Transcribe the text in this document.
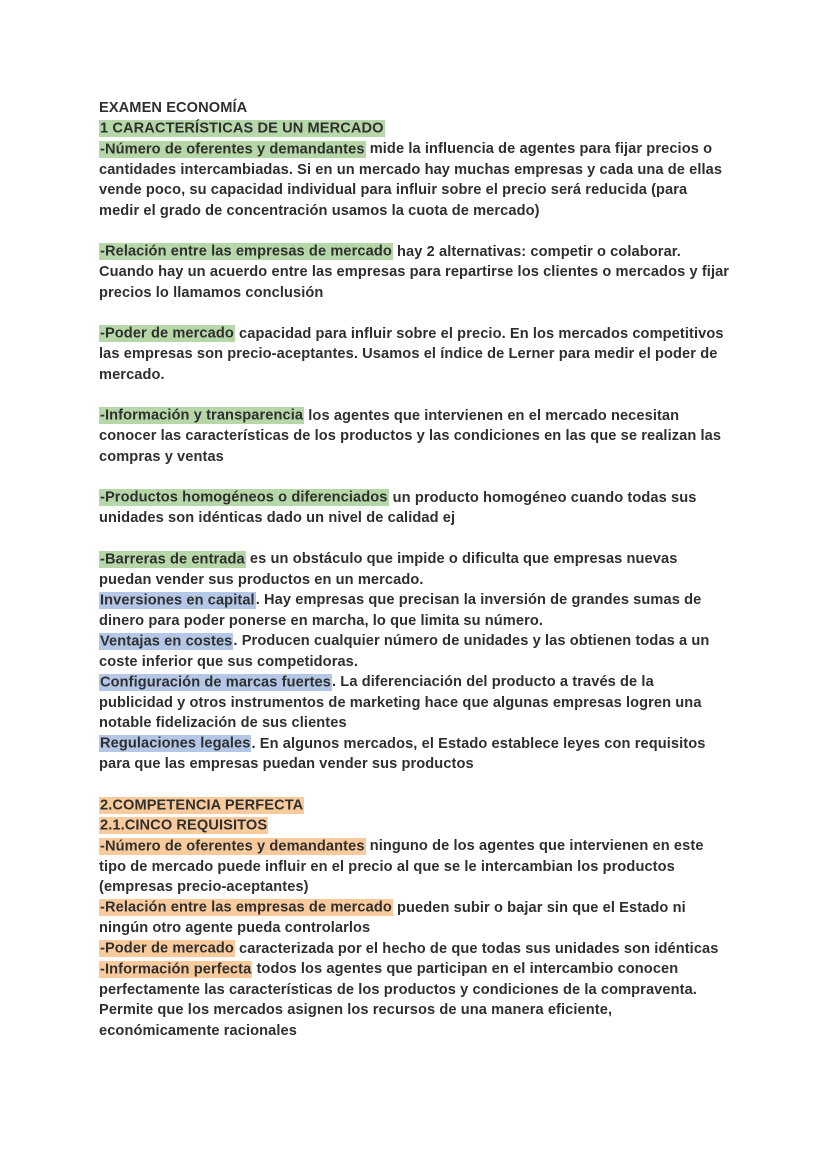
EXAMEN ECONOMÍA

1 CARACTERÍSTICAS DE UN MERCADO

-Número de oferentes y demandantes mide la influencia de agentes para fijar precios o cantidades intercambiadas. Si en un mercado hay muchas empresas y cada una de ellas vende poco, su capacidad individual para influir sobre el precio será reducida (para medir el grado de concentración usamos la cuota de mercado)

-Relación entre las empresas de mercado hay 2 alternativas: competir o colaborar. Cuando hay un acuerdo entre las empresas para repartirse los clientes o mercados y fijar precios lo llamamos conclusión

-Poder de mercado capacidad para influir sobre el precio. En los mercados competitivos las empresas son precio-aceptantes. Usamos el índice de Lerner para medir el poder de mercado.

-Información y transparencia los agentes que intervienen en el mercado necesitan conocer las características de los productos y las condiciones en las que se realizan las compras y ventas

-Productos homogéneos o diferenciados un producto homogéneo cuando todas sus unidades son idénticas dado un nivel de calidad ej

-Barreras de entrada es un obstáculo que impide o dificulta que empresas nuevas puedan vender sus productos en un mercado.

Inversiones en capital. Hay empresas que precisan la inversión de grandes sumas de dinero para poder ponerse en marcha, lo que limita su número.

Ventajas en costes. Producen cualquier número de unidades y las obtienen todas a un coste inferior que sus competidoras.

Configuración de marcas fuertes. La diferenciación del producto a través de la publicidad y otros instrumentos de marketing hace que algunas empresas logren una notable fidelización de sus clientes

Regulaciones legales. En algunos mercados, el Estado establece leyes con requisitos para que las empresas puedan vender sus productos

2.COMPETENCIA PERFECTA

2.1.CINCO REQUISITOS

-Número de oferentes y demandantes ninguno de los agentes que intervienen en este tipo de mercado puede influir en el precio al que se le intercambian los productos (empresas precio-aceptantes)

-Relación entre las empresas de mercado pueden subir o bajar sin que el Estado ni ningún otro agente pueda controlarlos

-Poder de mercado caracterizada por el hecho de que todas sus unidades son idénticas

-Información perfecta todos los agentes que participan en el intercambio conocen perfectamente las características de los productos y condiciones de la compraventa. Permite que los mercados asignen los recursos de una manera eficiente, económicamente racionales
